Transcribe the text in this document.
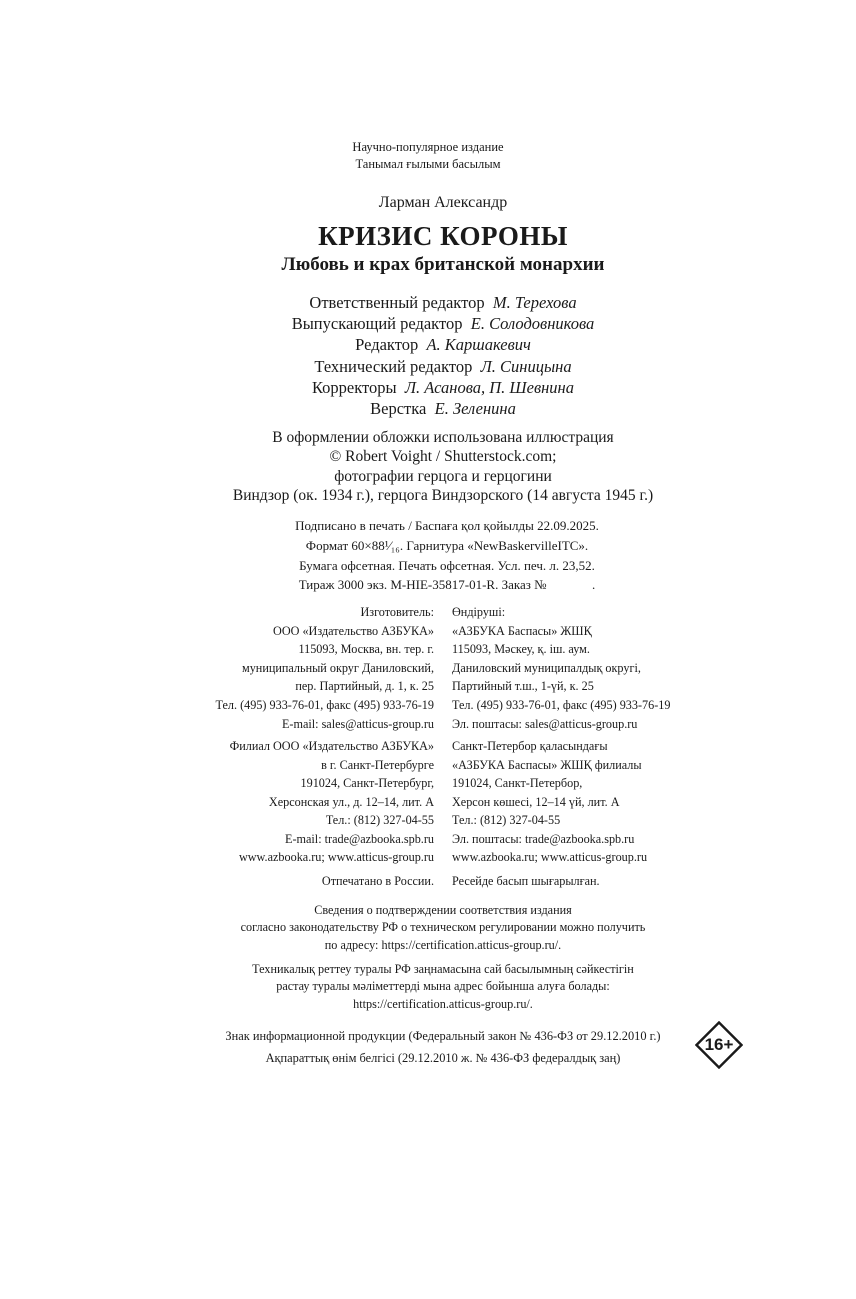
Научно-популярное издание
Танымал ғылыми басылым
Ларман Александр
КРИЗИС КОРОНЫ
Любовь и крах британской монархии
Ответственный редактор М. Терехова
Выпускающий редактор Е. Солодовникова
Редактор А. Каршакевич
Технический редактор Л. Синицына
Корректоры Л. Асанова, П. Шевнина
Верстка Е. Зеленина
В оформлении обложки использована иллюстрация
© Robert Voight / Shutterstock.com;
фотографии герцога и герцогини
Виндзор (ок. 1934 г.), герцога Виндзорского (14 августа 1945 г.)
Подписано в печать / Баспаға қол қойылды 22.09.2025.
Формат 60×88¹⁄₁₆. Гарнитура «NewBaskervilleITC».
Бумага офсетная. Печать офсетная. Усл. печ. л. 23,52.
Тираж 3000 экз. M-HIE-35817-01-R. Заказ №              .
Изготовитель:
ООО «Издательство АЗБУКА»
115093, Москва, вн. тер. г.
муниципальный округ Даниловский,
пер. Партийный, д. 1, к. 25
Тел. (495) 933-76-01, факс (495) 933-76-19
E-mail: sales@atticus-group.ru
Өндіруші:
«АЗБУКА Баспасы» ЖШҚ
115093, Мәскеу, қ. іш. аум.
Даниловский муниципалдық округі,
Партийный т.ш., 1-үй, к. 25
Тел. (495) 933-76-01, факс (495) 933-76-19
Эл. поштасы: sales@atticus-group.ru
Филиал ООО «Издательство АЗБУКА»
в г. Санкт-Петербурге
191024, Санкт-Петербург,
Херсонская ул., д. 12–14, лит. А
Тел.: (812) 327-04-55
E-mail: trade@azbooka.spb.ru
Санкт-Петербор қаласындағы
«АЗБУКА Баспасы» ЖШҚ филиалы
191024, Санкт-Петербор,
Херсон көшесі, 12–14 үй, лит. А
Тел.: (812) 327-04-55
Эл. поштасы: trade@azbooka.spb.ru
www.azbooka.ru; www.atticus-group.ru www.azbooka.ru; www.atticus-group.ru
Отпечатано в России. Ресейде басып шығарылған.
Сведения о подтверждении соответствия издания
согласно законодательству РФ о техническом регулировании можно получить
по адресу: https://certification.atticus-group.ru/.
Техникалық реттеу туралы РФ заңнамасына сай басылымның сәйкестігін
растау туралы мәліметтерді мына адрес бойынша алуға болады:
https://certification.atticus-group.ru/.
Знак информационной продукции (Федеральный закон № 436-ФЗ от 29.12.2010 г.)
Ақпараттық өнім белгісі (29.12.2010 ж. № 436-ФЗ федералдық заң)
16+
